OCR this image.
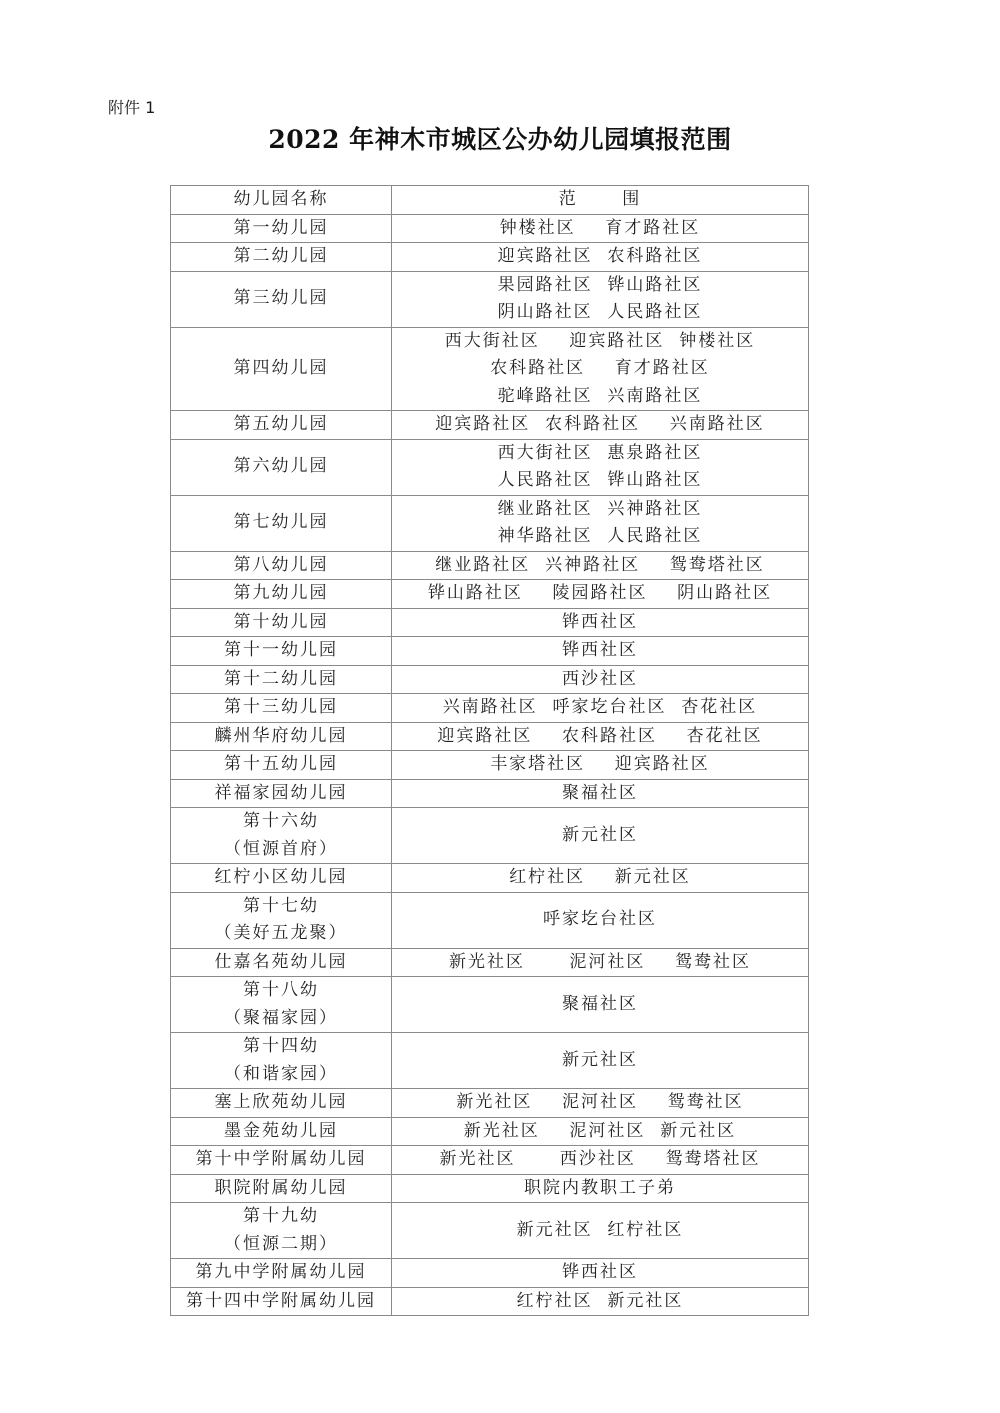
附件 1
2022 年神木市城区公办幼儿园填报范围
幼儿园名称	范      围

第一幼儿园	钟楼社区    育才路社区

第二幼儿园	迎宾路社区  农科路社区

第三幼儿园	果园路社区  铧山路社区
阴山路社区  人民路社区

第四幼儿园	西大街社区    迎宾路社区  钟楼社区
农科路社区    育才路社区
驼峰路社区  兴南路社区

第五幼儿园	迎宾路社区  农科路社区    兴南路社区

第六幼儿园	西大街社区  惠泉路社区
人民路社区  铧山路社区

第七幼儿园	继业路社区  兴神路社区
神华路社区  人民路社区

第八幼儿园	继业路社区  兴神路社区    鸳鸯塔社区

第九幼儿园	铧山路社区    陵园路社区    阴山路社区

第十幼儿园	铧西社区

第十一幼儿园	铧西社区

第十二幼儿园	西沙社区

第十三幼儿园	兴南路社区  呼家圪台社区  杏花社区

麟州华府幼儿园	迎宾路社区    农科路社区    杏花社区

第十五幼儿园	丰家塔社区    迎宾路社区

祥福家园幼儿园	聚福社区

第十六幼
（恒源首府）	新元社区

红柠小区幼儿园	红柠社区    新元社区

第十七幼
（美好五龙聚）	呼家圪台社区

仕嘉名苑幼儿园	新光社区      泥河社区    鸳鸯社区

第十八幼
（聚福家园）	聚福社区

第十四幼
（和谐家园）	新元社区

塞上欣苑幼儿园	新光社区    泥河社区    鸳鸯社区

墨金苑幼儿园	新光社区    泥河社区  新元社区

第十中学附属幼儿园	新光社区      西沙社区    鸳鸯塔社区

职院附属幼儿园	职院内教职工子弟

第十九幼
（恒源二期）	新元社区  红柠社区

第九中学附属幼儿园	铧西社区

第十四中学附属幼儿园	红柠社区  新元社区
